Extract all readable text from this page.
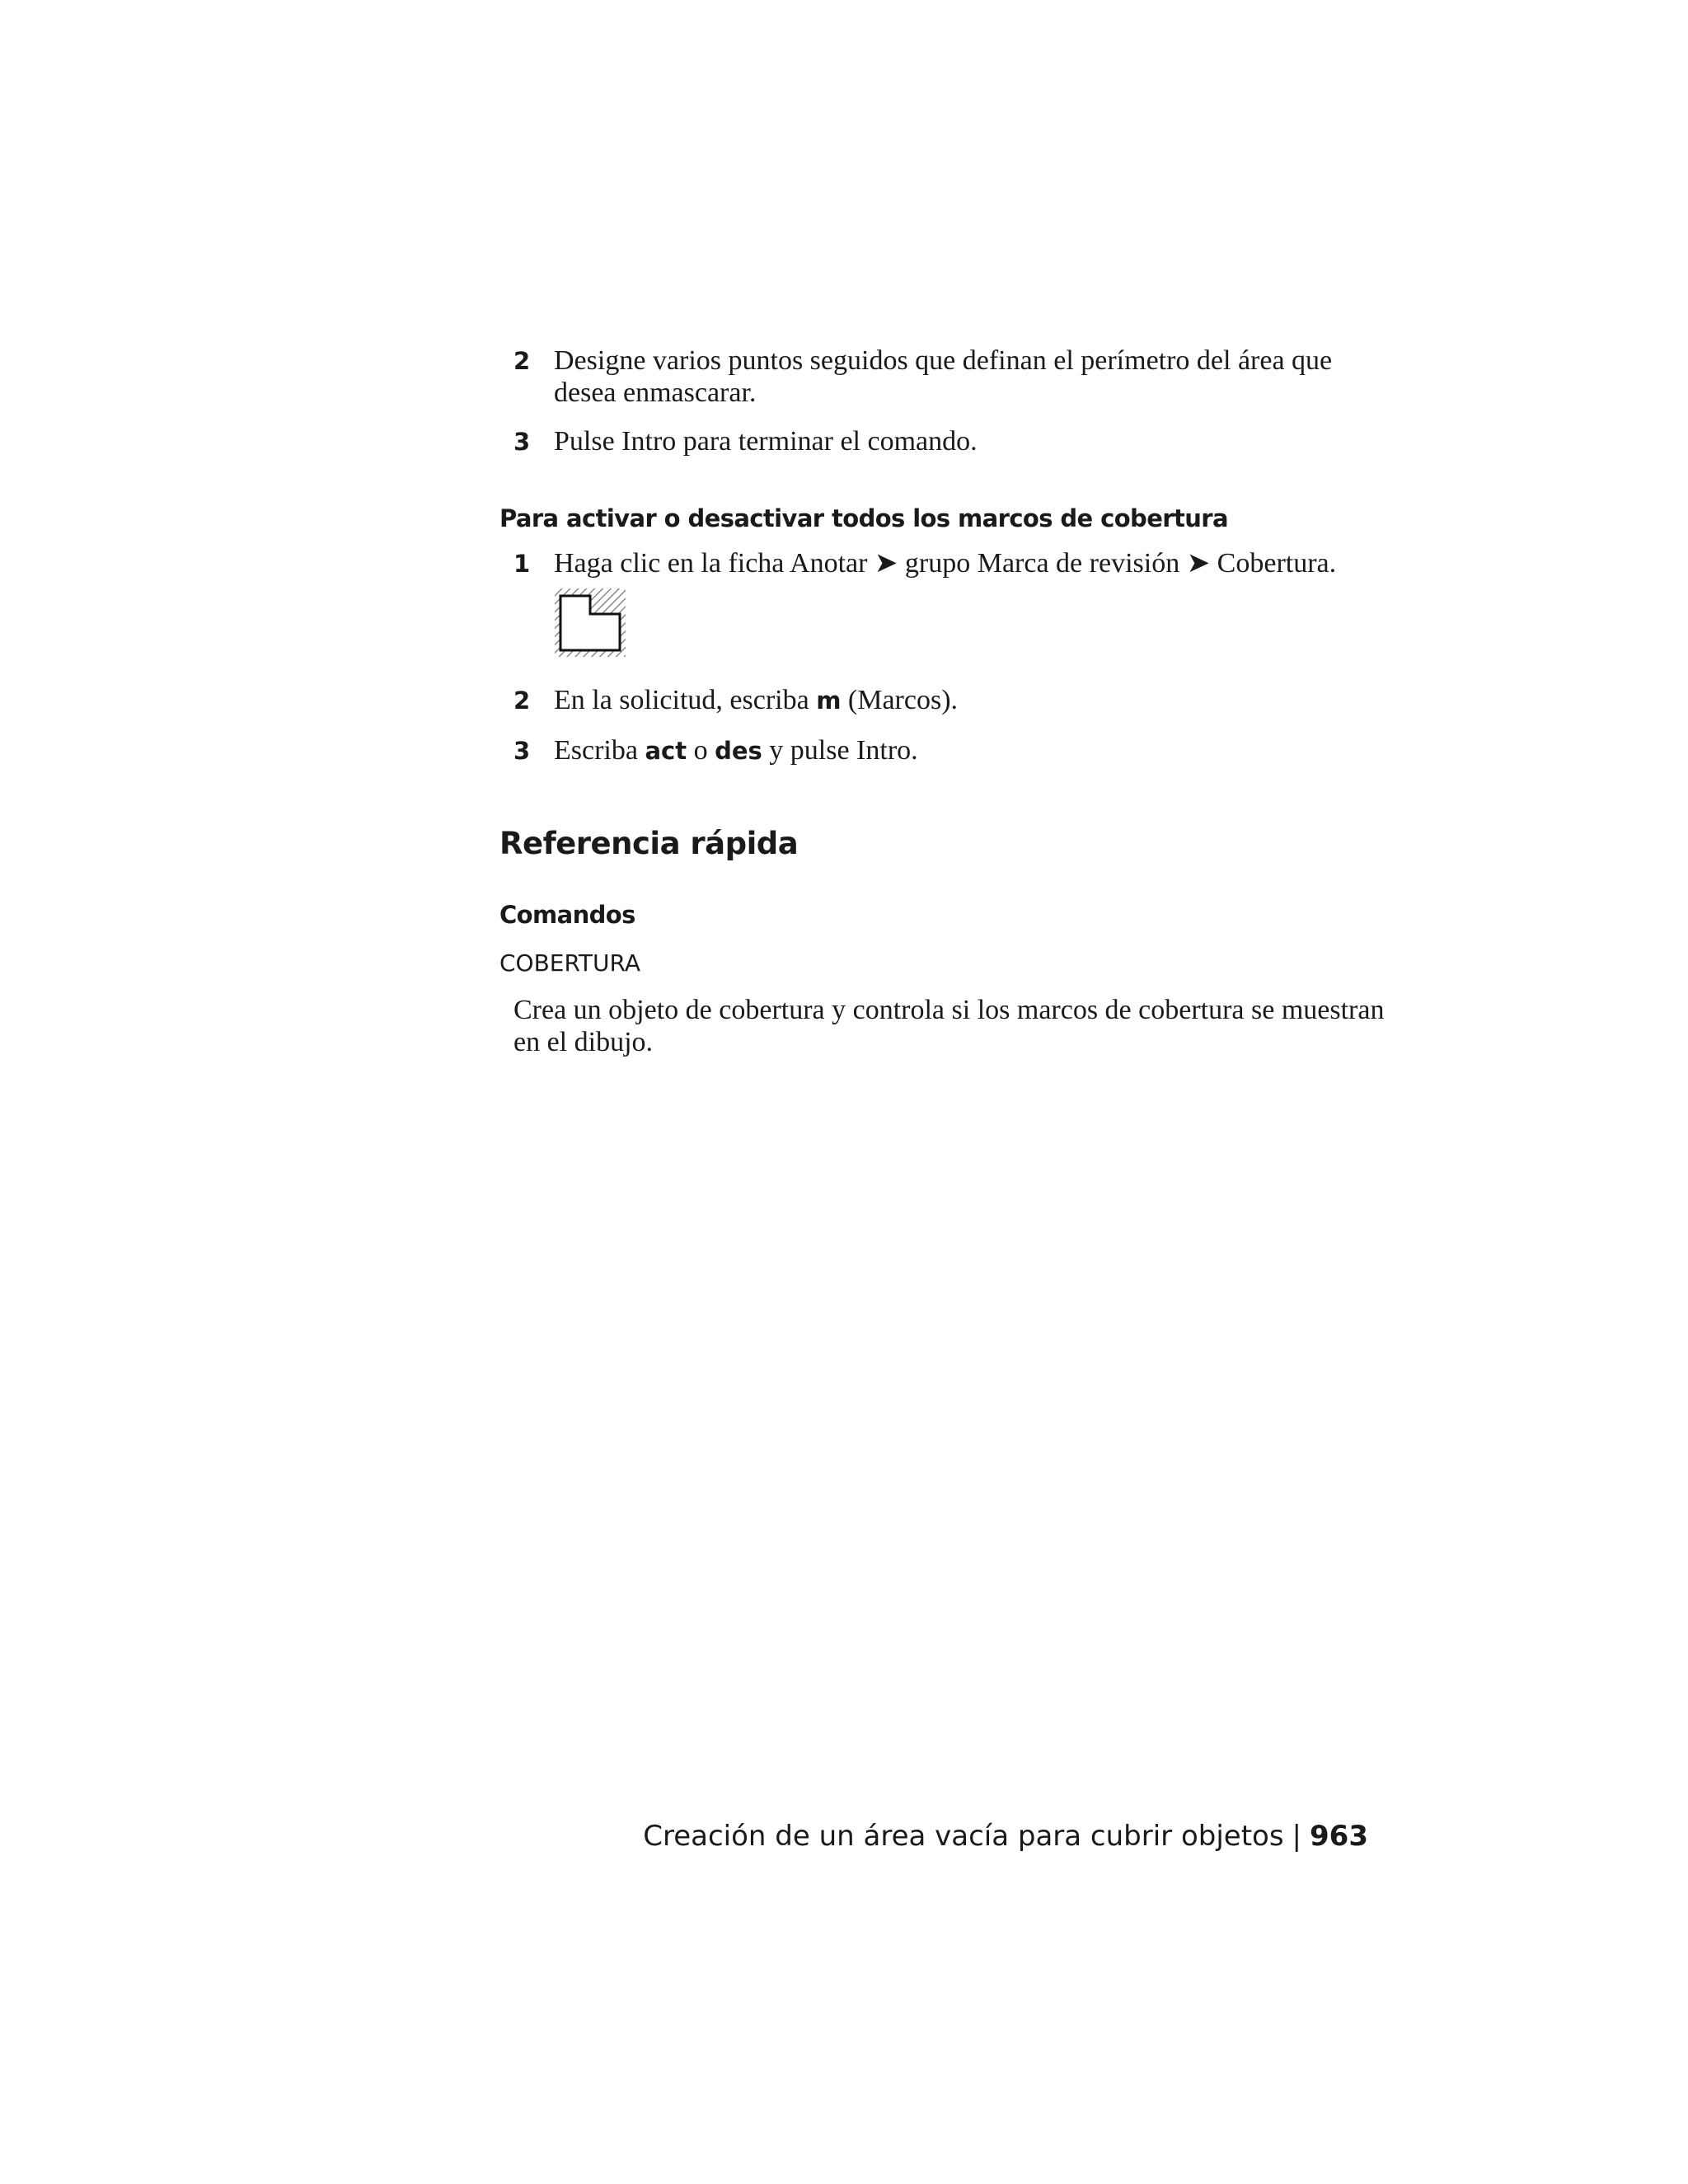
2 Designe varios puntos seguidos que definan el perímetro del área que desea enmascarar.
3 Pulse Intro para terminar el comando.
Para activar o desactivar todos los marcos de cobertura
1 Haga clic en la ficha Anotar ➤ grupo Marca de revisión ➤ Cobertura.
2 En la solicitud, escriba m (Marcos).
3 Escriba act o des y pulse Intro.
Referencia rápida
Comandos
COBERTURA
Crea un objeto de cobertura y controla si los marcos de cobertura se muestran en el dibujo.
Creación de un área vacía para cubrir objetos | 963
